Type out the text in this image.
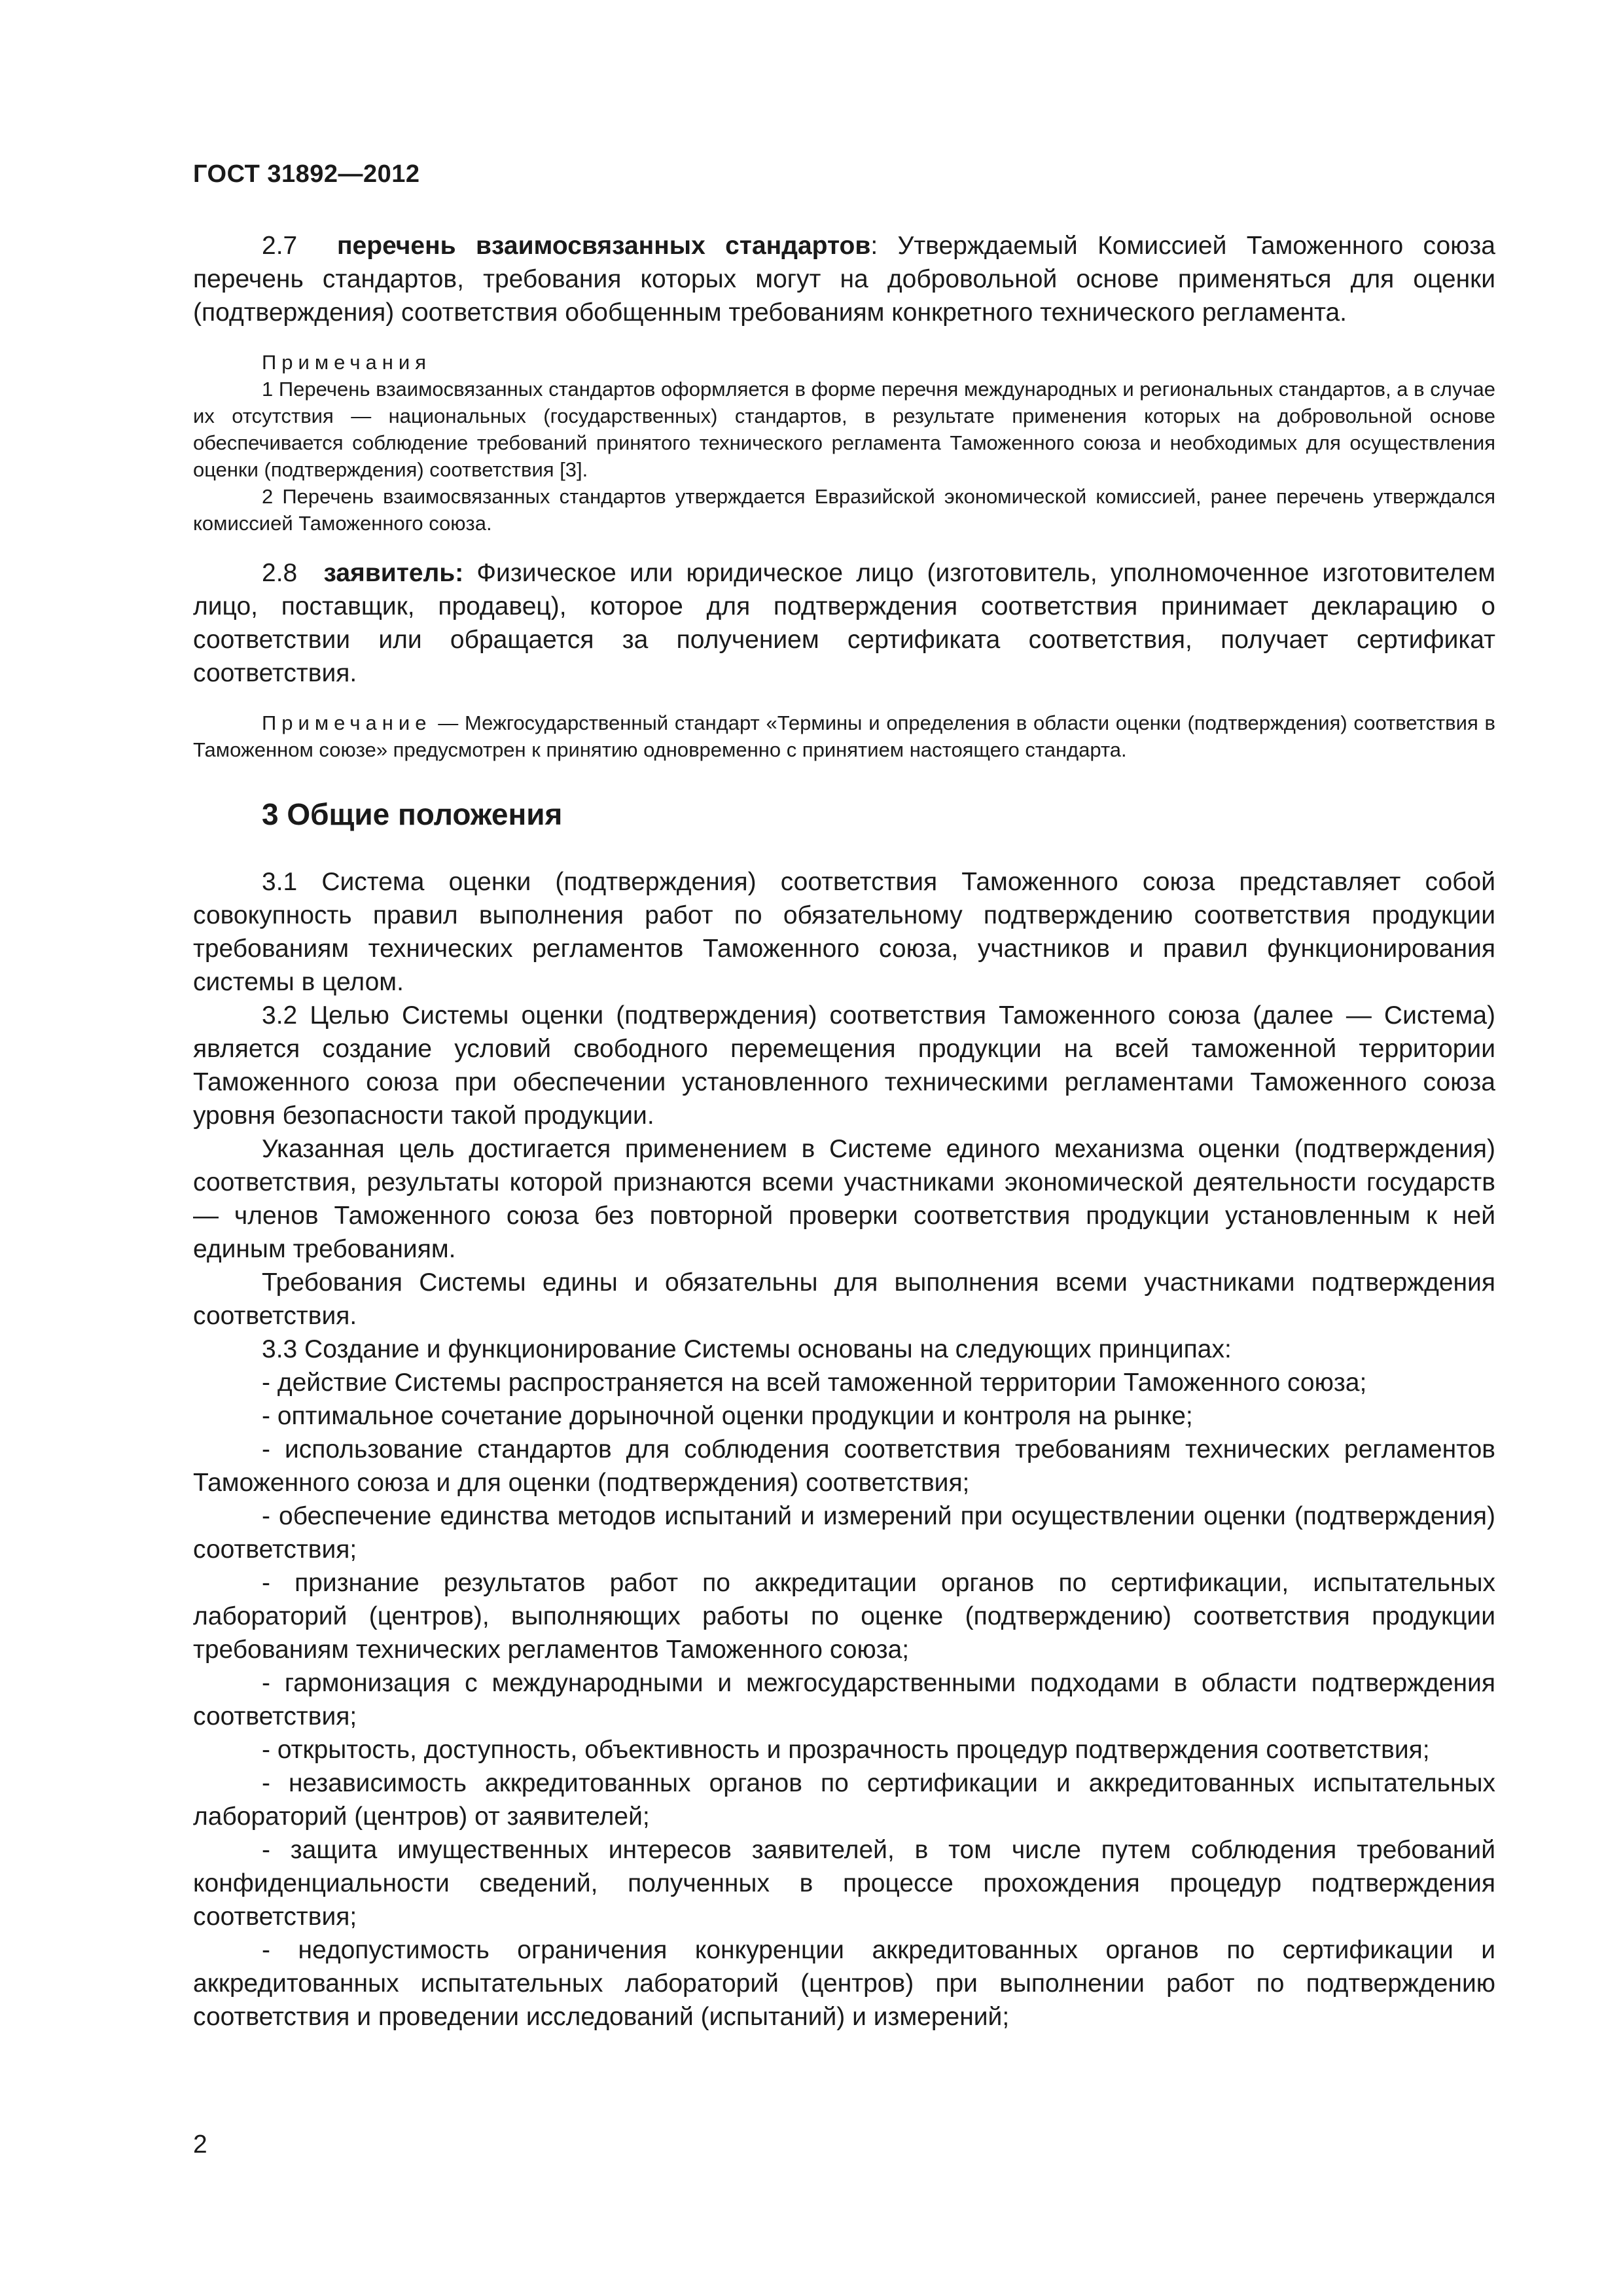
ГОСТ 31892—2012

2.7 перечень взаимосвязанных стандартов: Утверждаемый Комиссией Таможенного союза перечень стандартов, требования которых могут на добровольной основе применяться для оценки (подтверждения) соответствия обобщенным требованиям конкретного технического регламента.

Примечания

1 Перечень взаимосвязанных стандартов оформляется в форме перечня международных и региональных стандартов, а в случае их отсутствия — национальных (государственных) стандартов, в результате применения которых на добровольной основе обеспечивается соблюдение требований принятого технического регламента Таможенного союза и необходимых для осуществления оценки (подтверждения) соответствия [3].

2 Перечень взаимосвязанных стандартов утверждается Евразийской экономической комиссией, ранее перечень утверждался комиссией Таможенного союза.

2.8 заявитель: Физическое или юридическое лицо (изготовитель, уполномоченное изготовителем лицо, поставщик, продавец), которое для подтверждения соответствия принимает декларацию о соответствии или обращается за получением сертификата соответствия, получает сертификат соответствия.

Примечание — Межгосударственный стандарт «Термины и определения в области оценки (подтверждения) соответствия в Таможенном союзе» предусмотрен к принятию одновременно с принятием настоящего стандарта.

3 Общие положения

3.1 Система оценки (подтверждения) соответствия Таможенного союза представляет собой совокупность правил выполнения работ по обязательному подтверждению соответствия продукции требованиям технических регламентов Таможенного союза, участников и правил функционирования системы в целом.

3.2 Целью Системы оценки (подтверждения) соответствия Таможенного союза (далее — Система) является создание условий свободного перемещения продукции на всей таможенной территории Таможенного союза при обеспечении установленного техническими регламентами Таможенного союза уровня безопасности такой продукции.

Указанная цель достигается применением в Системе единого механизма оценки (подтверждения) соответствия, результаты которой признаются всеми участниками экономической деятельности государств — членов Таможенного союза без повторной проверки соответствия продукции установленным к ней единым требованиям.

Требования Системы едины и обязательны для выполнения всеми участниками подтверждения соответствия.

3.3 Создание и функционирование Системы основаны на следующих принципах:

- действие Системы распространяется на всей таможенной территории Таможенного союза;

- оптимальное сочетание дорыночной оценки продукции и контроля на рынке;

- использование стандартов для соблюдения соответствия требованиям технических регламентов Таможенного союза и для оценки (подтверждения) соответствия;

- обеспечение единства методов испытаний и измерений при осуществлении оценки (подтверждения) соответствия;

- признание результатов работ по аккредитации органов по сертификации, испытательных лабораторий (центров), выполняющих работы по оценке (подтверждению) соответствия продукции требованиям технических регламентов Таможенного союза;

- гармонизация с международными и межгосударственными подходами в области подтверждения соответствия;

- открытость, доступность, объективность и прозрачность процедур подтверждения соответствия;

- независимость аккредитованных органов по сертификации и аккредитованных испытательных лабораторий (центров) от заявителей;

- защита имущественных интересов заявителей, в том числе путем соблюдения требований конфиденциальности сведений, полученных в процессе прохождения процедур подтверждения соответствия;

- недопустимость ограничения конкуренции аккредитованных органов по сертификации и аккредитованных испытательных лабораторий (центров) при выполнении работ по подтверждению соответствия и проведении исследований (испытаний) и измерений;

2
